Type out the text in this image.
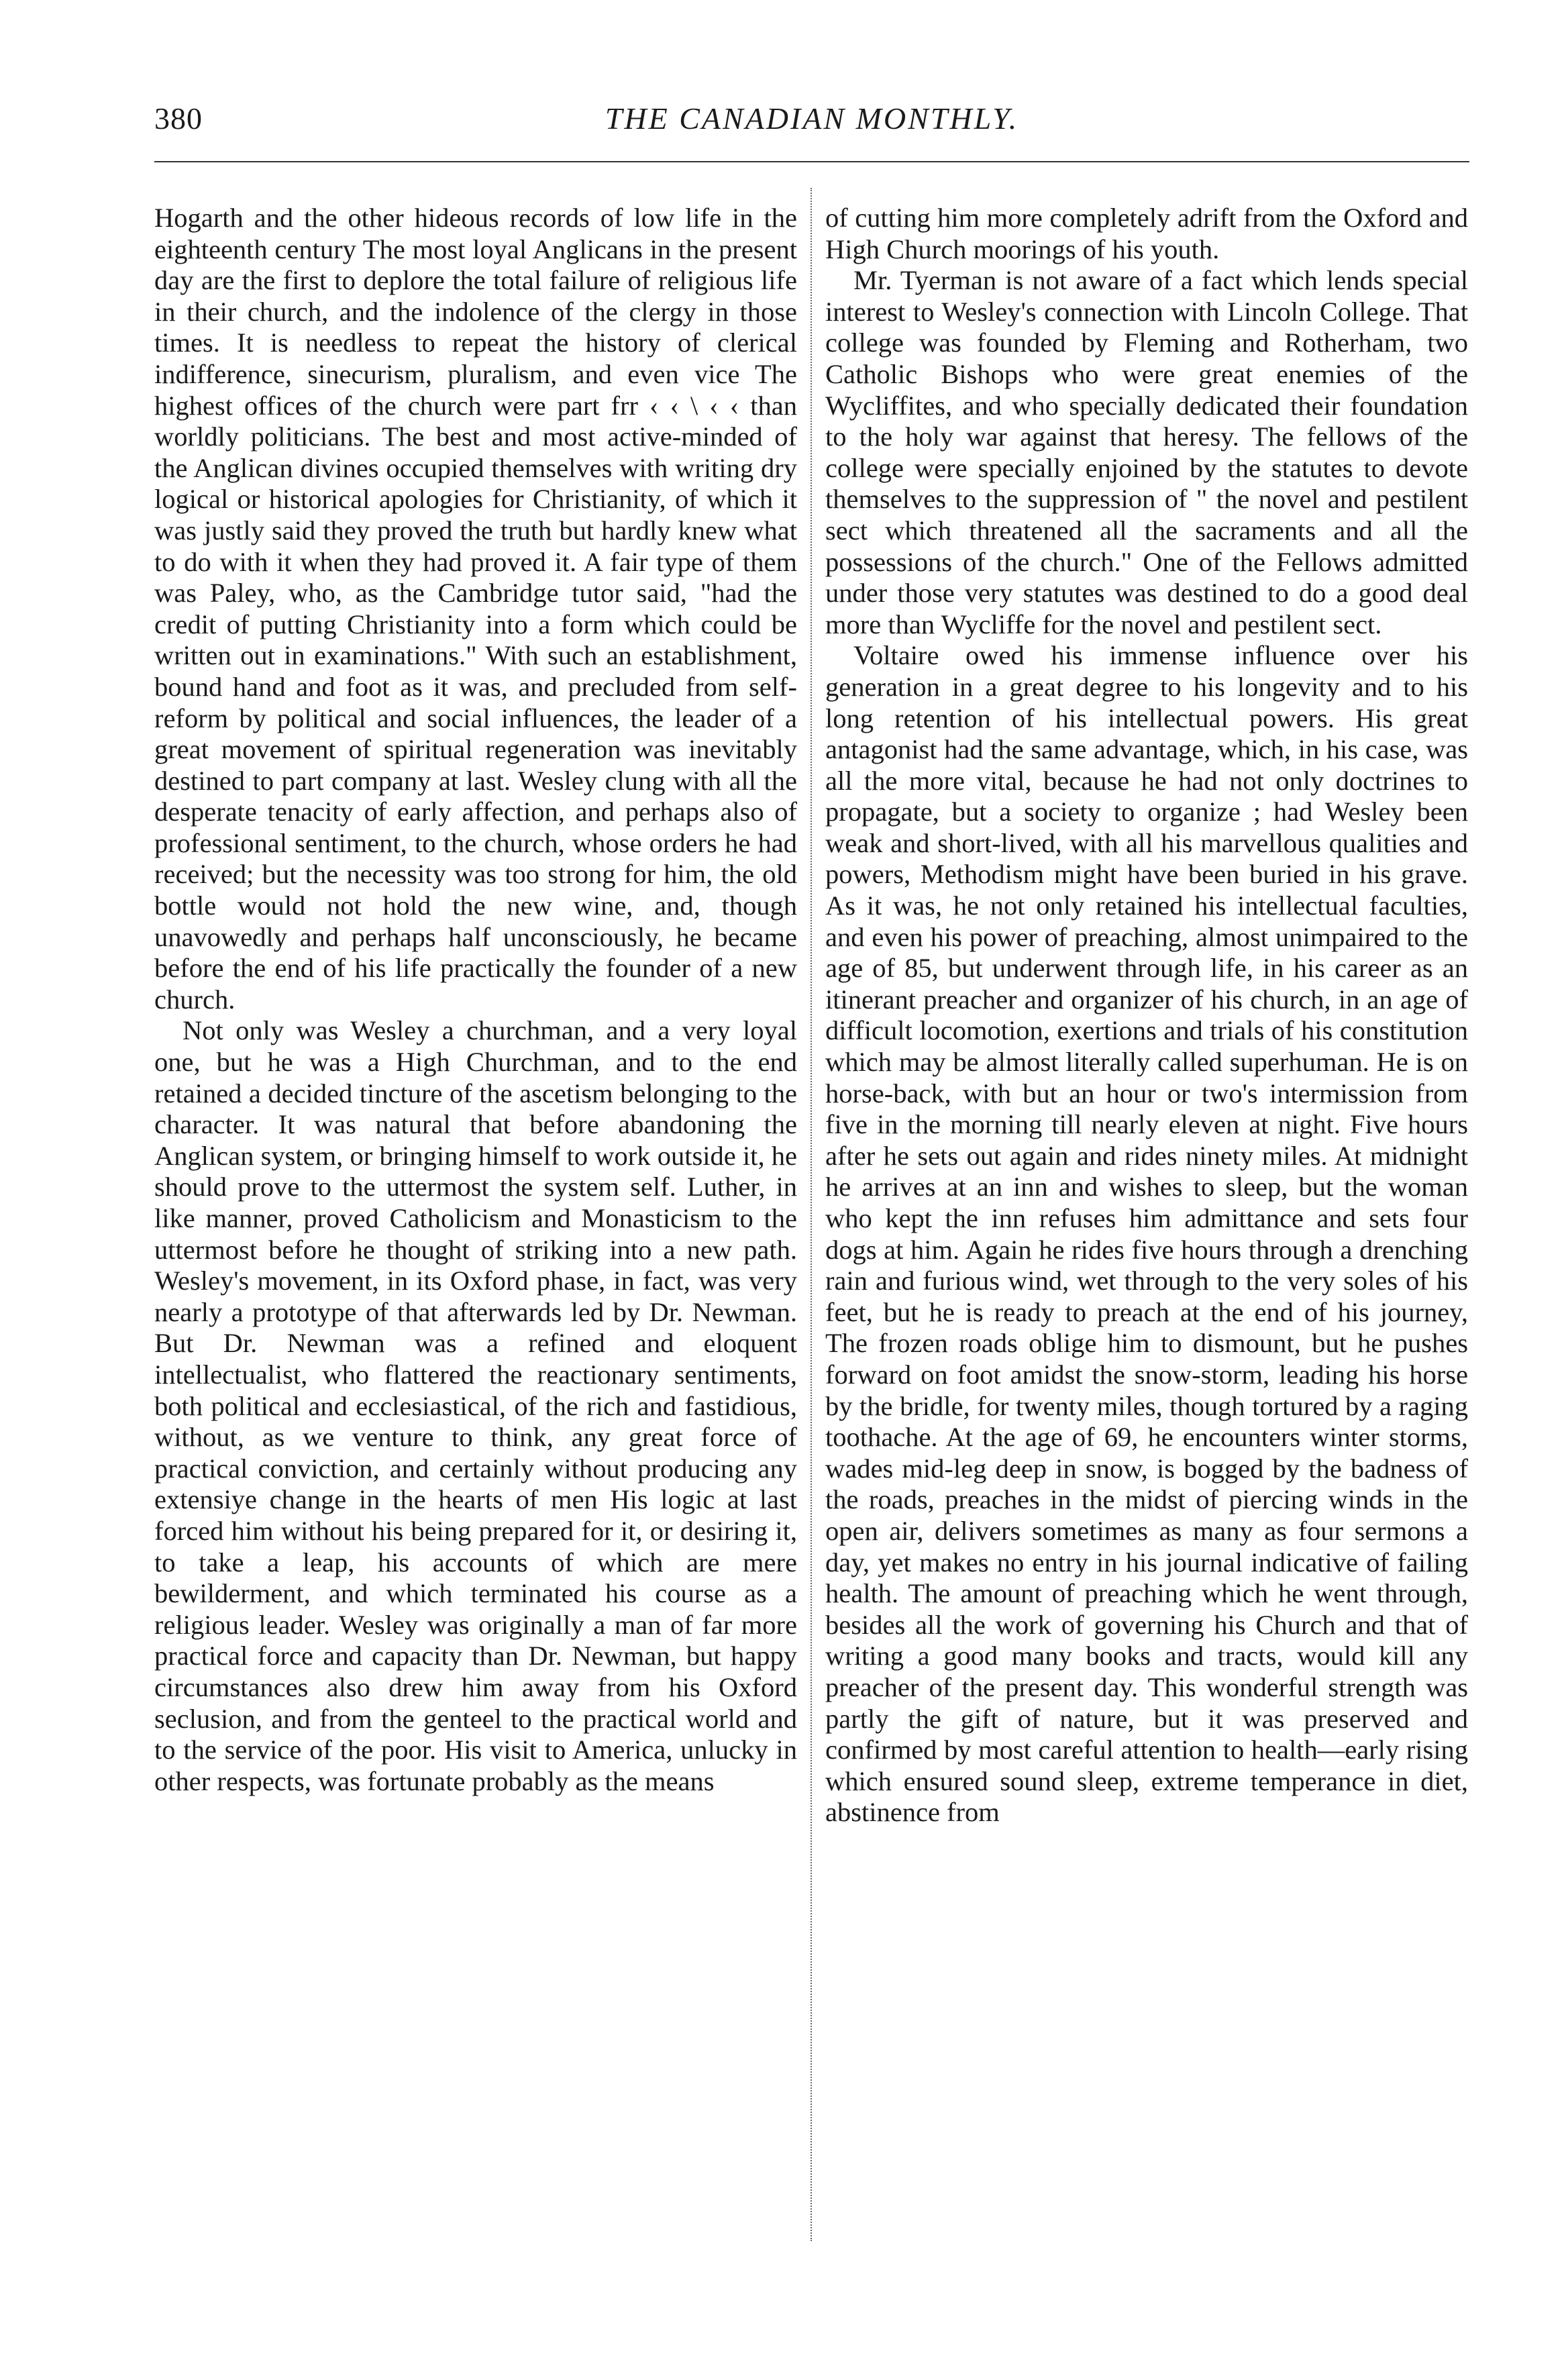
380	THE CANADIAN MONTHLY.

Hogarth and the other hideous records of low life in the eighteenth century The most loyal Anglicans in the present day are the first to deplore the total failure of religious life in their church, and the indolence of the clergy in those times. It is needless to repeat the history of clerical indifference, sinecurism, pluralism, and even vice The highest offices of the church were part frr ‹ ‹ \ ‹ ‹ than worldly politicians. The best and most active-minded of the Anglican divines occupied themselves with writing dry logical or historical apologies for Christianity, of which it was justly said they proved the truth but hardly knew what to do with it when they had proved it. A fair type of them was Paley, who, as the Cambridge tutor said, "had the credit of putting Christianity into a form which could be written out in examinations." With such an establishment, bound hand and foot as it was, and precluded from self-reform by political and social influences, the leader of a great movement of spiritual regeneration was inevitably destined to part company at last. Wesley clung with all the desperate tenacity of early affection, and perhaps also of professional sentiment, to the church, whose orders he had received; but the necessity was too strong for him, the old bottle would not hold the new wine, and, though unavowedly and perhaps half unconsciously, he became before the end of his life practically the founder of a new church.

Not only was Wesley a churchman, and a very loyal one, but he was a High Churchman, and to the end retained a decided tincture of the ascetism belonging to the character. It was natural that before abandoning the Anglican system, or bringing himself to work outside it, he should prove to the uttermost the system self. Luther, in like manner, proved Catholicism and Monasticism to the uttermost before he thought of striking into a new path. Wesley's movement, in its Oxford phase, in fact, was very nearly a prototype of that afterwards led by Dr. Newman. But Dr. Newman was a refined and eloquent intellectualist, who flattered the reactionary sentiments, both political and ecclesiastical, of the rich and fastidious, without, as we venture to think, any great force of practical conviction, and certainly without producing any extensiye change in the hearts of men His logic at last forced him without his being prepared for it, or desiring it, to take a leap, his accounts of which are mere bewilderment, and which terminated his course as a religious leader. Wesley was originally a man of far more practical force and capacity than Dr. Newman, but happy circumstances also drew him away from his Oxford seclusion, and from the genteel to the practical world and to the service of the poor. His visit to America, unlucky in other respects, was fortunate probably as the means

of cutting him more completely adrift from the Oxford and High Church moorings of his youth.

Mr. Tyerman is not aware of a fact which lends special interest to Wesley's connection with Lincoln College. That college was founded by Fleming and Rotherham, two Catholic Bishops who were great enemies of the Wycliffites, and who specially dedicated their foundation to the holy war against that heresy. The fellows of the college were specially enjoined by the statutes to devote themselves to the suppression of " the novel and pestilent sect which threatened all the sacraments and all the possessions of the church." One of the Fellows admitted under those very statutes was destined to do a good deal more than Wycliffe for the novel and pestilent sect.

Voltaire owed his immense influence over his generation in a great degree to his longevity and to his long retention of his intellectual powers. His great antagonist had the same advantage, which, in his case, was all the more vital, because he had not only doctrines to propagate, but a society to organize ; had Wesley been weak and short-lived, with all his marvellous qualities and powers, Methodism might have been buried in his grave. As it was, he not only retained his intellectual faculties, and even his power of preaching, almost unimpaired to the age of 85, but underwent through life, in his career as an itinerant preacher and organizer of his church, in an age of difficult locomotion, exertions and trials of his constitution which may be almost literally called superhuman. He is on horse-back, with but an hour or two's intermission from five in the morning till nearly eleven at night. Five hours after he sets out again and rides ninety miles. At midnight he arrives at an inn and wishes to sleep, but the woman who kept the inn refuses him admittance and sets four dogs at him. Again he rides five hours through a drenching rain and furious wind, wet through to the very soles of his feet, but he is ready to preach at the end of his journey, The frozen roads oblige him to dismount, but he pushes forward on foot amidst the snow-storm, leading his horse by the bridle, for twenty miles, though tortured by a raging toothache. At the age of 69, he encounters winter storms, wades mid-leg deep in snow, is bogged by the badness of the roads, preaches in the midst of piercing winds in the open air, delivers sometimes as many as four sermons a day, yet makes no entry in his journal indicative of failing health. The amount of preaching which he went through, besides all the work of governing his Church and that of writing a good many books and tracts, would kill any preacher of the present day. This wonderful strength was partly the gift of nature, but it was preserved and confirmed by most careful attention to health—early rising which ensured sound sleep, extreme temperance in diet, abstinence from
